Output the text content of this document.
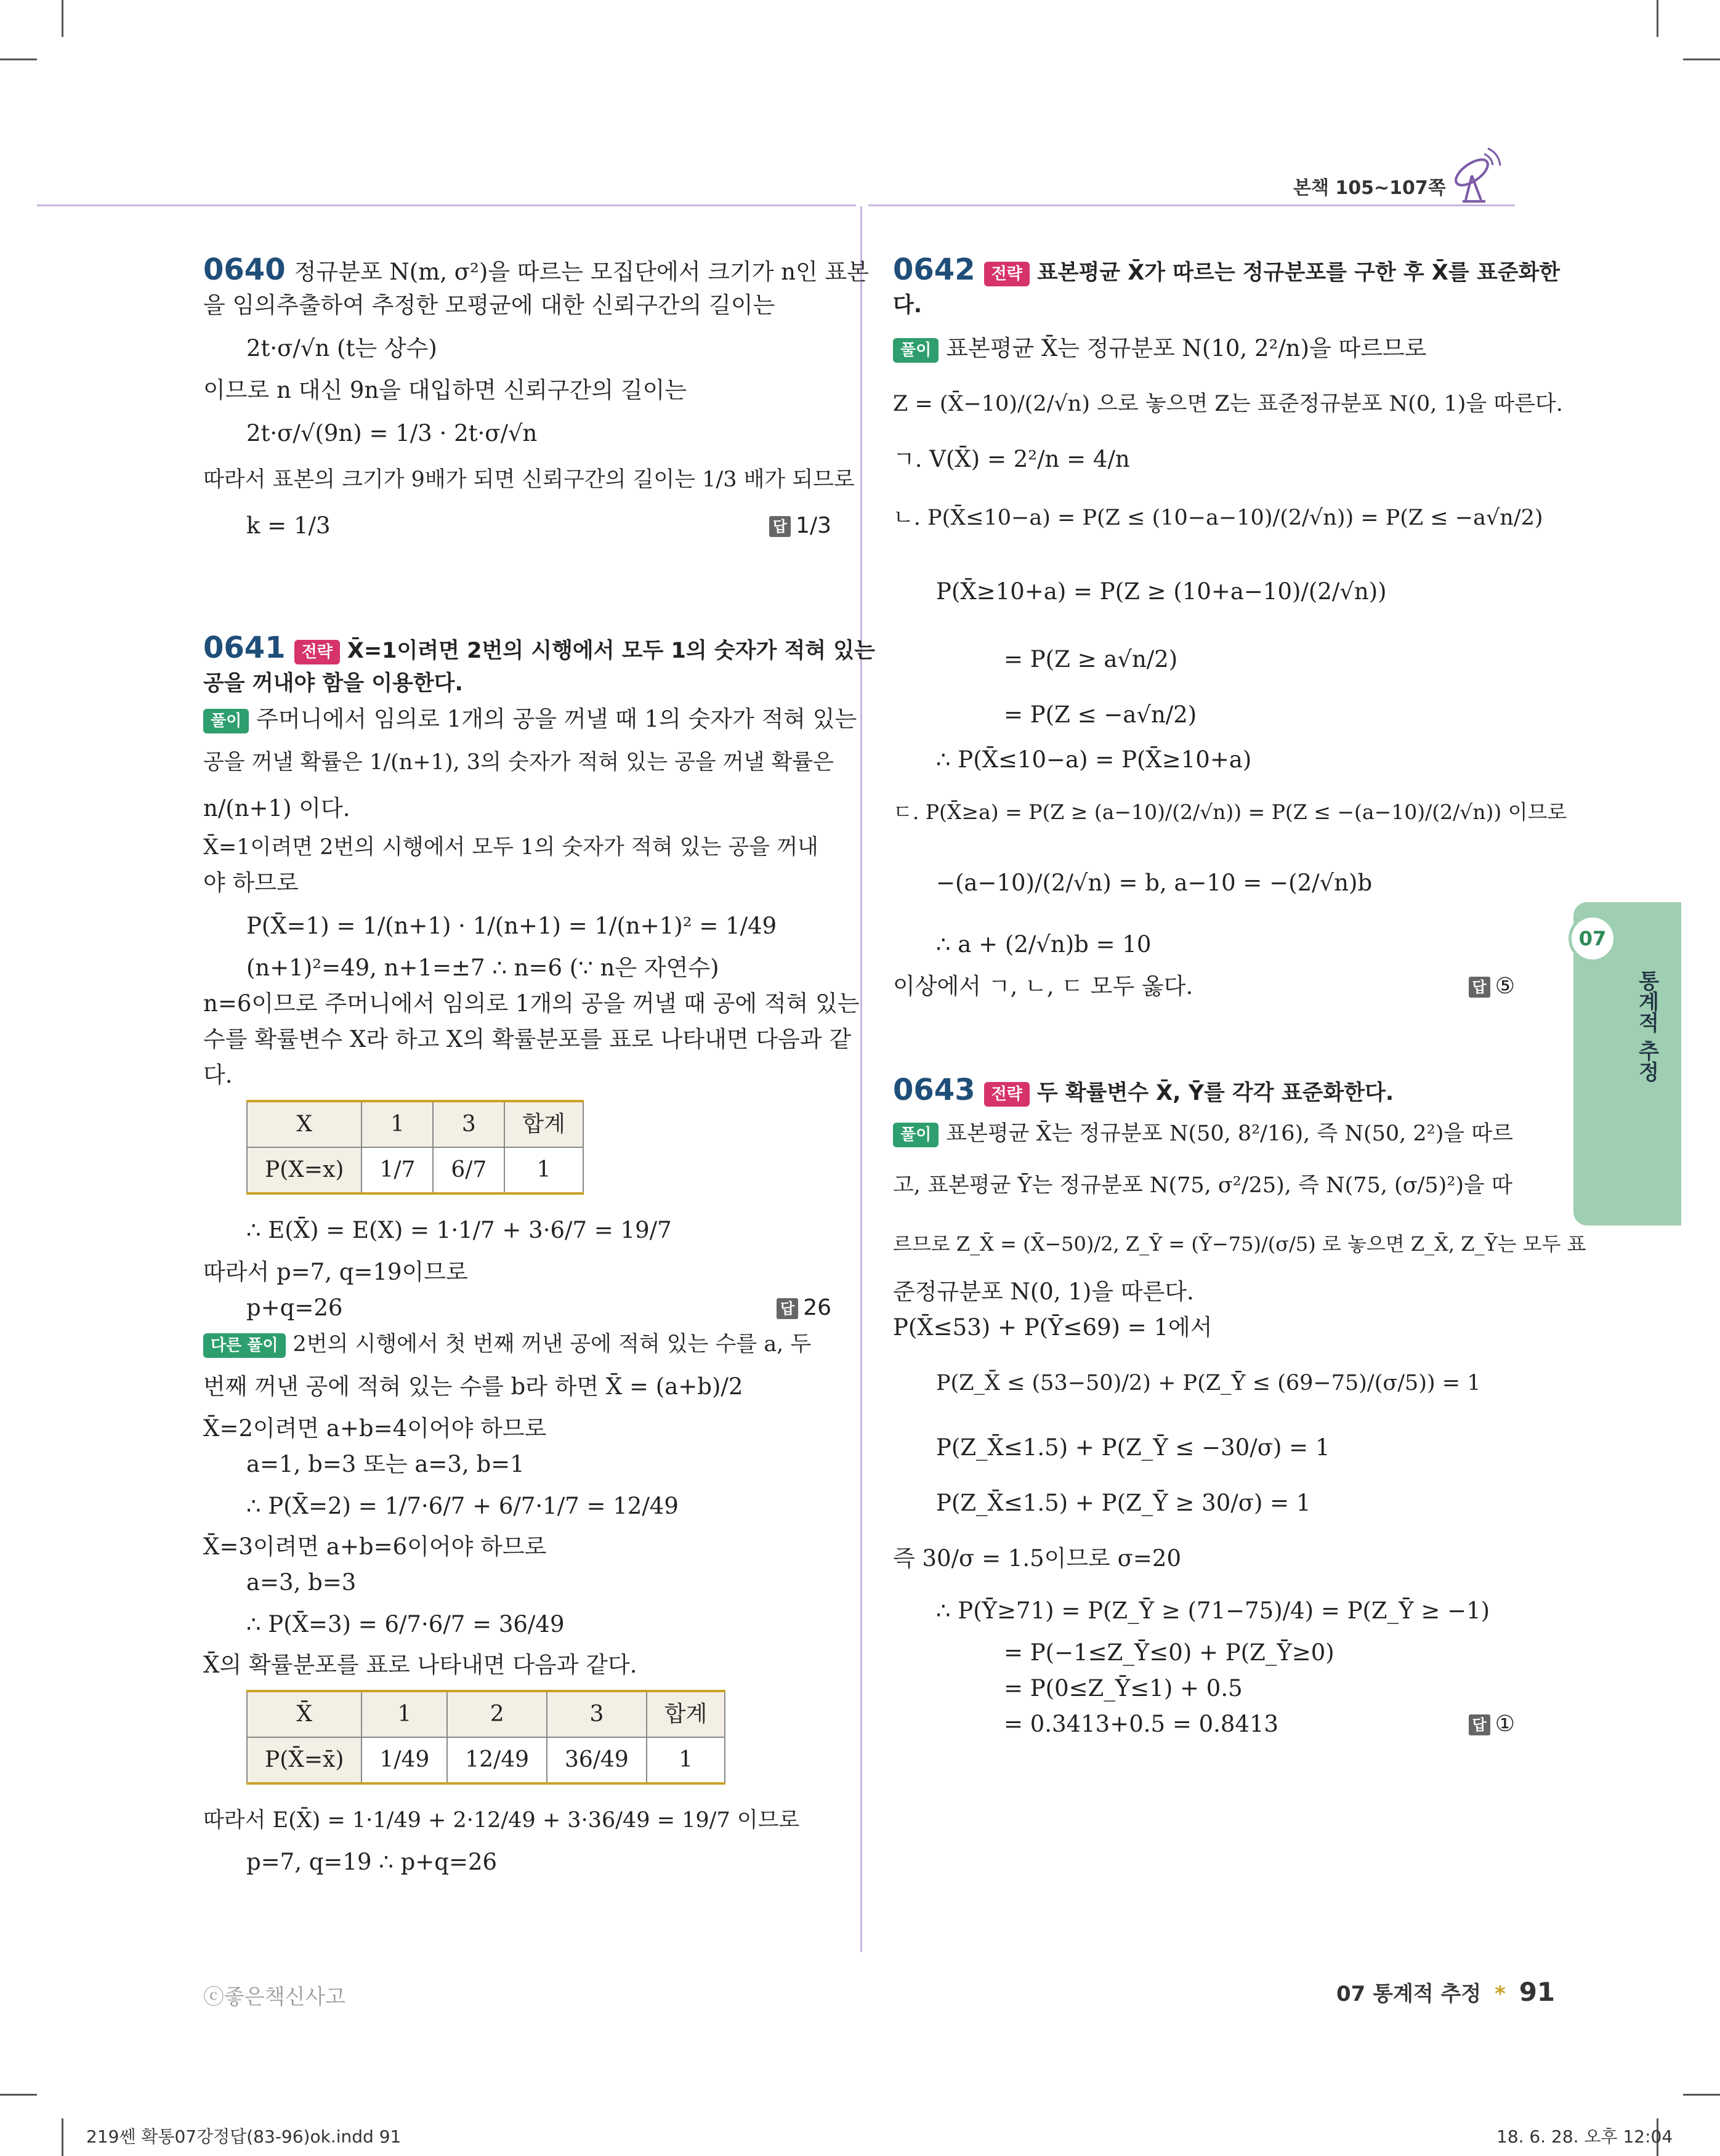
본책 105~107쪽
07
통계적 추정
0640 정규분포 N(m, σ²)을 따르는 모집단에서 크기가 n인 표본
을 임의추출하여 추정한 모평균에 대한 신뢰구간의 길이는
2t·σ/√n (t는 상수)
이므로 n 대신 9n을 대입하면 신뢰구간의 길이는
2t·σ/√(9n) = 1/3 · 2t·σ/√n
따라서 표본의 크기가 9배가 되면 신뢰구간의 길이는 1/3 배가 되므로
k = 1/3	답 1/3
0641 전략 X̄=1이려면 2번의 시행에서 모두 1의 숫자가 적혀 있는
공을 꺼내야 함을 이용한다.
풀이 주머니에서 임의로 1개의 공을 꺼낼 때 1의 숫자가 적혀 있는
공을 꺼낼 확률은 1/(n+1), 3의 숫자가 적혀 있는 공을 꺼낼 확률은
n/(n+1) 이다.
X̄=1이려면 2번의 시행에서 모두 1의 숫자가 적혀 있는 공을 꺼내
야 하므로
P(X̄=1) = 1/(n+1) · 1/(n+1) = 1/(n+1)² = 1/49
(n+1)²=49, n+1=±7 ∴ n=6 (∵ n은 자연수)
n=6이므로 주머니에서 임의로 1개의 공을 꺼낼 때 공에 적혀 있는
수를 확률변수 X라 하고 X의 확률분포를 표로 나타내면 다음과 같
다.
X	1	3	합계
P(X=x)	1/7	6/7	1
∴ E(X̄) = E(X) = 1·1/7 + 3·6/7 = 19/7
따라서 p=7, q=19이므로
p+q=26	답 26
다른 풀이 2번의 시행에서 첫 번째 꺼낸 공에 적혀 있는 수를 a, 두
번째 꺼낸 공에 적혀 있는 수를 b라 하면 X̄ = (a+b)/2
X̄=2이려면 a+b=4이어야 하므로
a=1, b=3 또는 a=3, b=1
∴ P(X̄=2) = 1/7·6/7 + 6/7·1/7 = 12/49
X̄=3이려면 a+b=6이어야 하므로
a=3, b=3
∴ P(X̄=3) = 6/7·6/7 = 36/49
X̄의 확률분포를 표로 나타내면 다음과 같다.
X̄	1	2	3	합계
P(X̄=x̄)	1/49	12/49	36/49	1
따라서 E(X̄) = 1·1/49 + 2·12/49 + 3·36/49 = 19/7 이므로
p=7, q=19 ∴ p+q=26
0642 전략 표본평균 X̄가 따르는 정규분포를 구한 후 X̄를 표준화한
다.
풀이 표본평균 X̄는 정규분포 N(10, 2²/n)을 따르므로
Z = (X̄−10)/(2/√n) 으로 놓으면 Z는 표준정규분포 N(0, 1)을 따른다.
ㄱ. V(X̄) = 2²/n = 4/n
ㄴ. P(X̄≤10−a) = P(Z ≤ (10−a−10)/(2/√n)) = P(Z ≤ −a√n/2)
P(X̄≥10+a) = P(Z ≥ (10+a−10)/(2/√n))
= P(Z ≥ a√n/2)
= P(Z ≤ −a√n/2)
∴ P(X̄≤10−a) = P(X̄≥10+a)
ㄷ. P(X̄≥a) = P(Z ≥ (a−10)/(2/√n)) = P(Z ≤ −(a−10)/(2/√n)) 이므로
−(a−10)/(2/√n) = b, a−10 = −(2/√n)b
∴ a + (2/√n)b = 10
이상에서 ㄱ, ㄴ, ㄷ 모두 옳다.	답 ⑤
0643 전략 두 확률변수 X̄, Ȳ를 각각 표준화한다.
풀이 표본평균 X̄는 정규분포 N(50, 8²/16), 즉 N(50, 2²)을 따르
고, 표본평균 Ȳ는 정규분포 N(75, σ²/25), 즉 N(75, (σ/5)²)을 따
르므로 Z_X̄ = (X̄−50)/2, Z_Ȳ = (Ȳ−75)/(σ/5) 로 놓으면 Z_X̄, Z_Ȳ는 모두 표
준정규분포 N(0, 1)을 따른다.
P(X̄≤53) + P(Ȳ≤69) = 1에서
P(Z_X̄ ≤ (53−50)/2) + P(Z_Ȳ ≤ (69−75)/(σ/5)) = 1
P(Z_X̄≤1.5) + P(Z_Ȳ ≤ −30/σ) = 1
P(Z_X̄≤1.5) + P(Z_Ȳ ≥ 30/σ) = 1
즉 30/σ = 1.5이므로 σ=20
∴ P(Ȳ≥71) = P(Z_Ȳ ≥ (71−75)/4) = P(Z_Ȳ ≥ −1)
= P(−1≤Z_Ȳ≤0) + P(Z_Ȳ≥0)
= P(0≤Z_Ȳ≤1) + 0.5
= 0.3413+0.5 = 0.8413	답 ①
ⓒ좋은책신사고	07 통계적 추정 * 91
219쎈 확통07강정답(83-96)ok.indd 91	18. 6. 28. 오후 12:04
